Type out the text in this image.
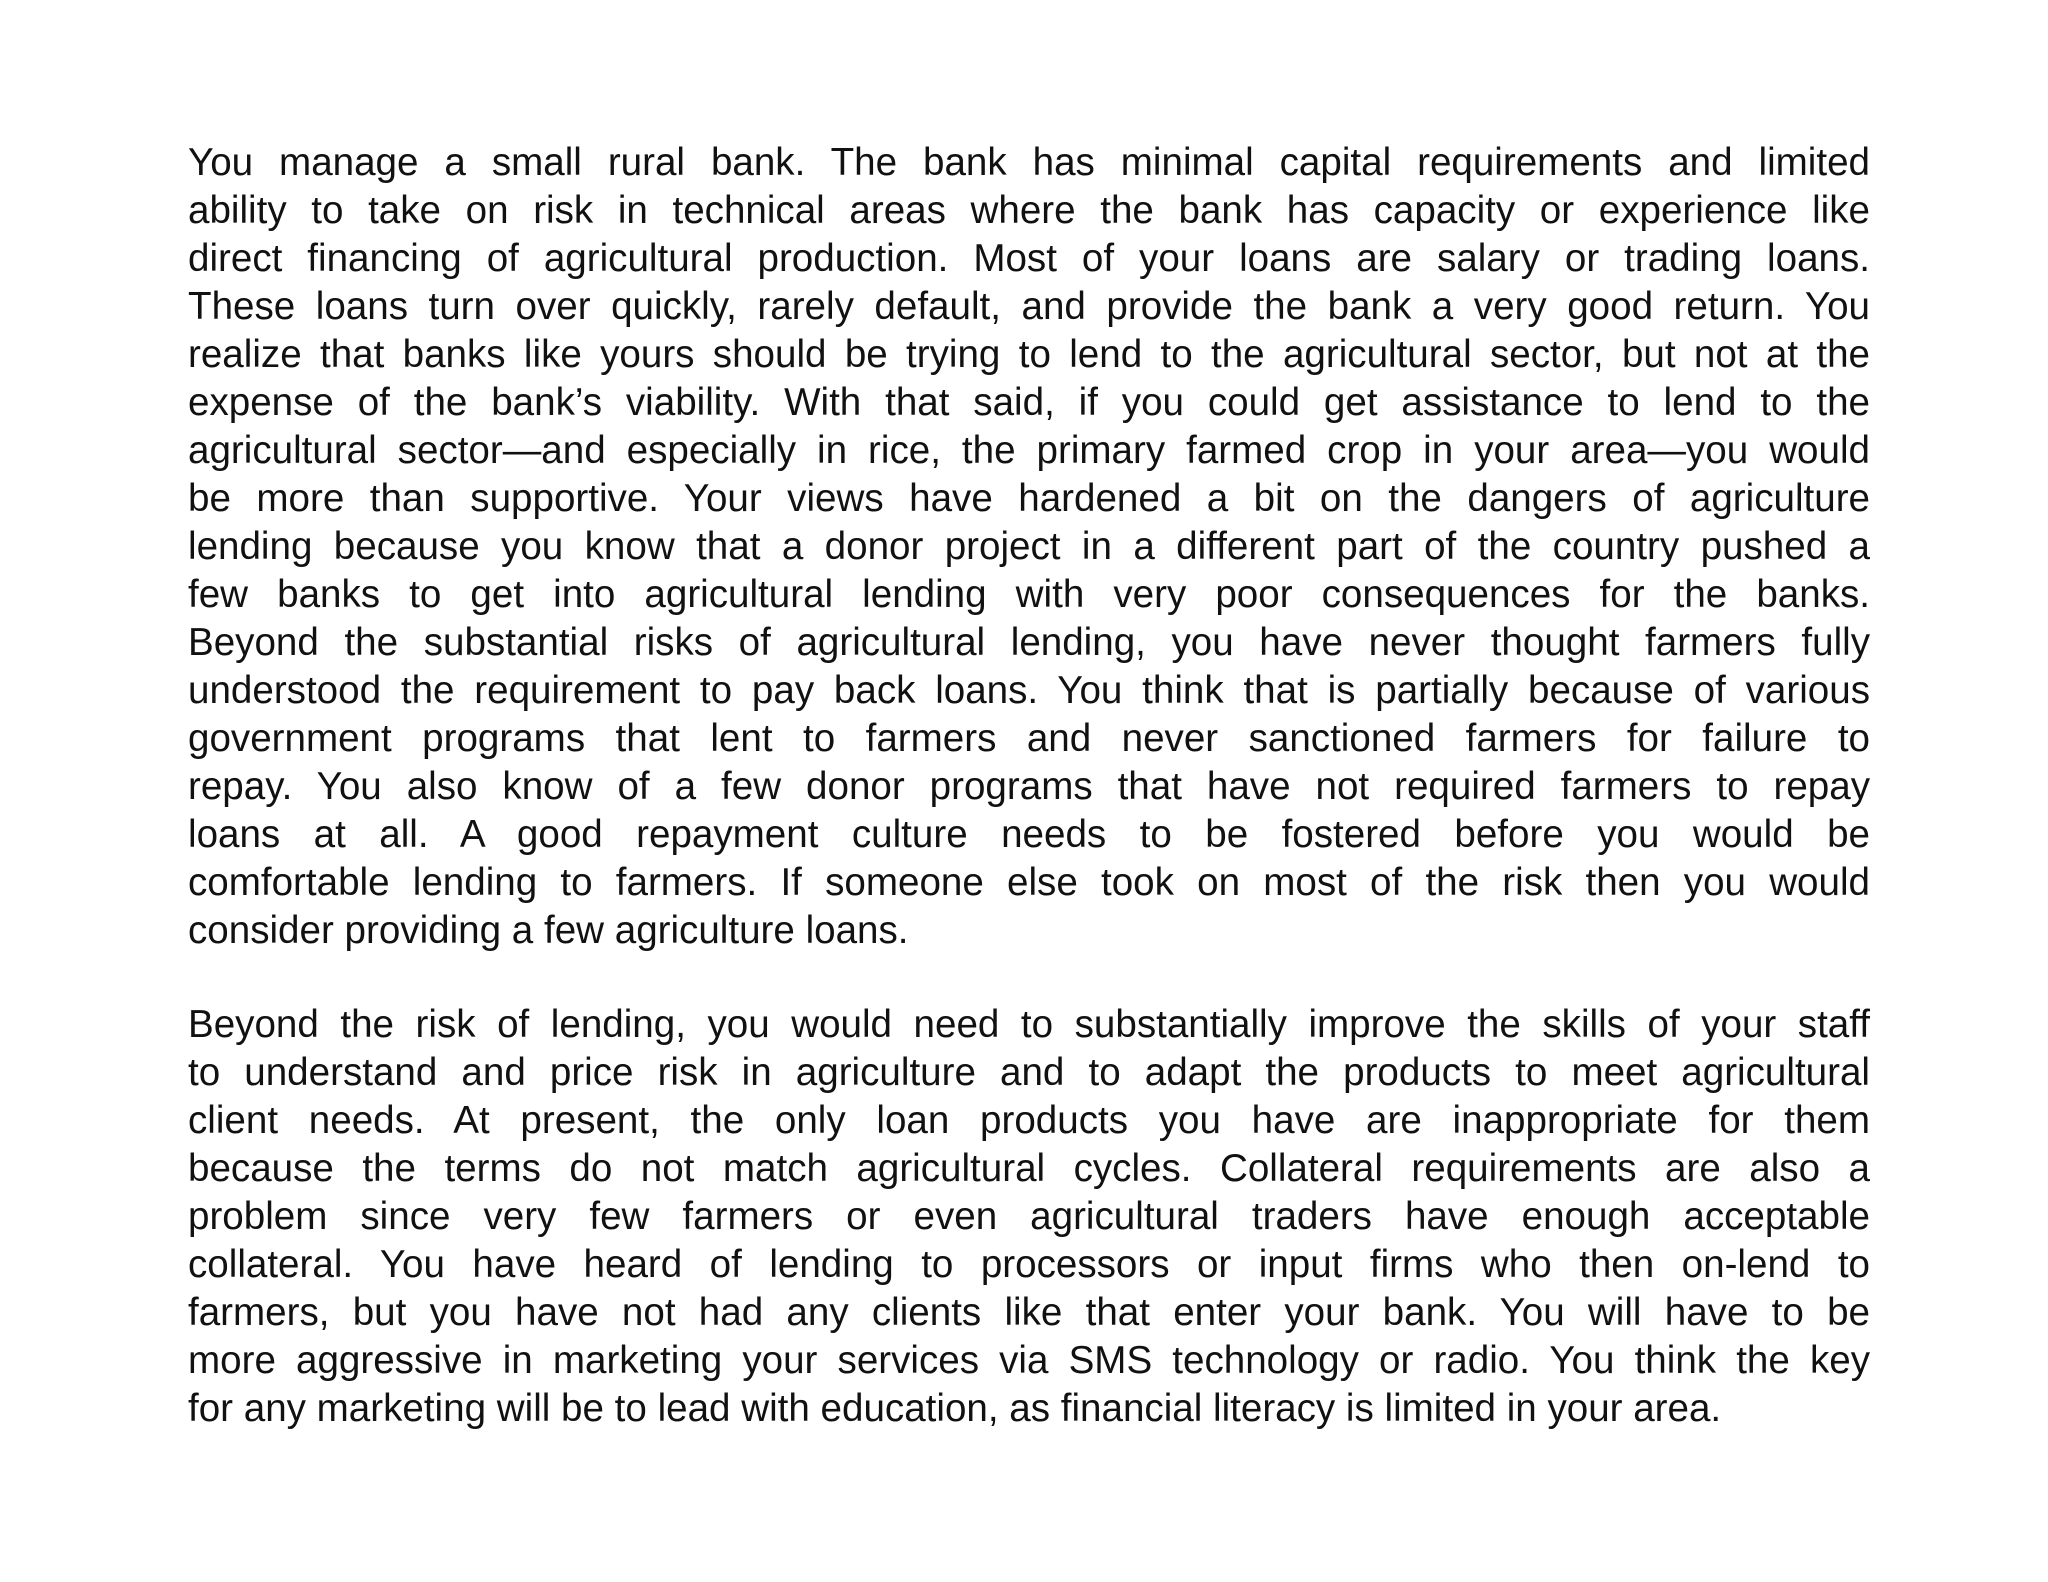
You manage a small rural bank. The bank has minimal capital requirements and limited
ability to take on risk in technical areas where the bank has capacity or experience like
direct financing of agricultural production. Most of your loans are salary or trading loans.
These loans turn over quickly, rarely default, and provide the bank a very good return. You
realize that banks like yours should be trying to lend to the agricultural sector, but not at the
expense of the bank’s viability. With that said, if you could get assistance to lend to the
agricultural sector—and especially in rice, the primary farmed crop in your area—you would
be more than supportive. Your views have hardened a bit on the dangers of agriculture
lending because you know that a donor project in a different part of the country pushed a
few banks to get into agricultural lending with very poor consequences for the banks.
Beyond the substantial risks of agricultural lending, you have never thought farmers fully
understood the requirement to pay back loans. You think that is partially because of various
government programs that lent to farmers and never sanctioned farmers for failure to
repay. You also know of a few donor programs that have not required farmers to repay
loans at all. A good repayment culture needs to be fostered before you would be
comfortable lending to farmers. If someone else took on most of the risk then you would
consider providing a few agriculture loans.
Beyond the risk of lending, you would need to substantially improve the skills of your staff
to understand and price risk in agriculture and to adapt the products to meet agricultural
client needs. At present, the only loan products you have are inappropriate for them
because the terms do not match agricultural cycles. Collateral requirements are also a
problem since very few farmers or even agricultural traders have enough acceptable
collateral. You have heard of lending to processors or input firms who then on-lend to
farmers, but you have not had any clients like that enter your bank. You will have to be
more aggressive in marketing your services via SMS technology or radio. You think the key
for any marketing will be to lead with education, as financial literacy is limited in your area.
